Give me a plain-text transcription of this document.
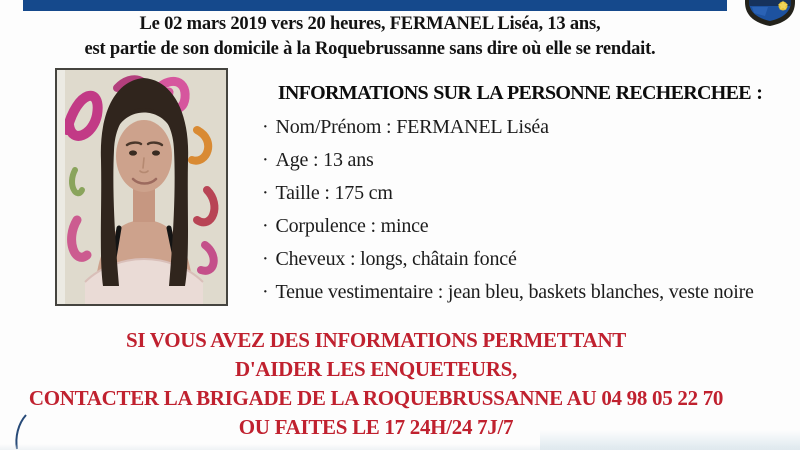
Le 02 mars 2019 vers 20 heures, FERMANEL Liséa, 13 ans,
est partie de son domicile à la Roquebrussanne sans dire où elle se rendait.
INFORMATIONS SUR LA PERSONNE RECHERCHEE :
· Nom/Prénom : FERMANEL Liséa
· Age : 13 ans
· Taille : 175 cm
· Corpulence : mince
· Cheveux : longs, châtain foncé
· Tenue vestimentaire : jean bleu, baskets blanches, veste noire
SI VOUS AVEZ DES INFORMATIONS PERMETTANT
D'AIDER LES ENQUETEURS,
CONTACTER LA BRIGADE DE LA ROQUEBRUSSANNE AU 04 98 05 22 70
OU FAITES LE 17 24H/24 7J/7
